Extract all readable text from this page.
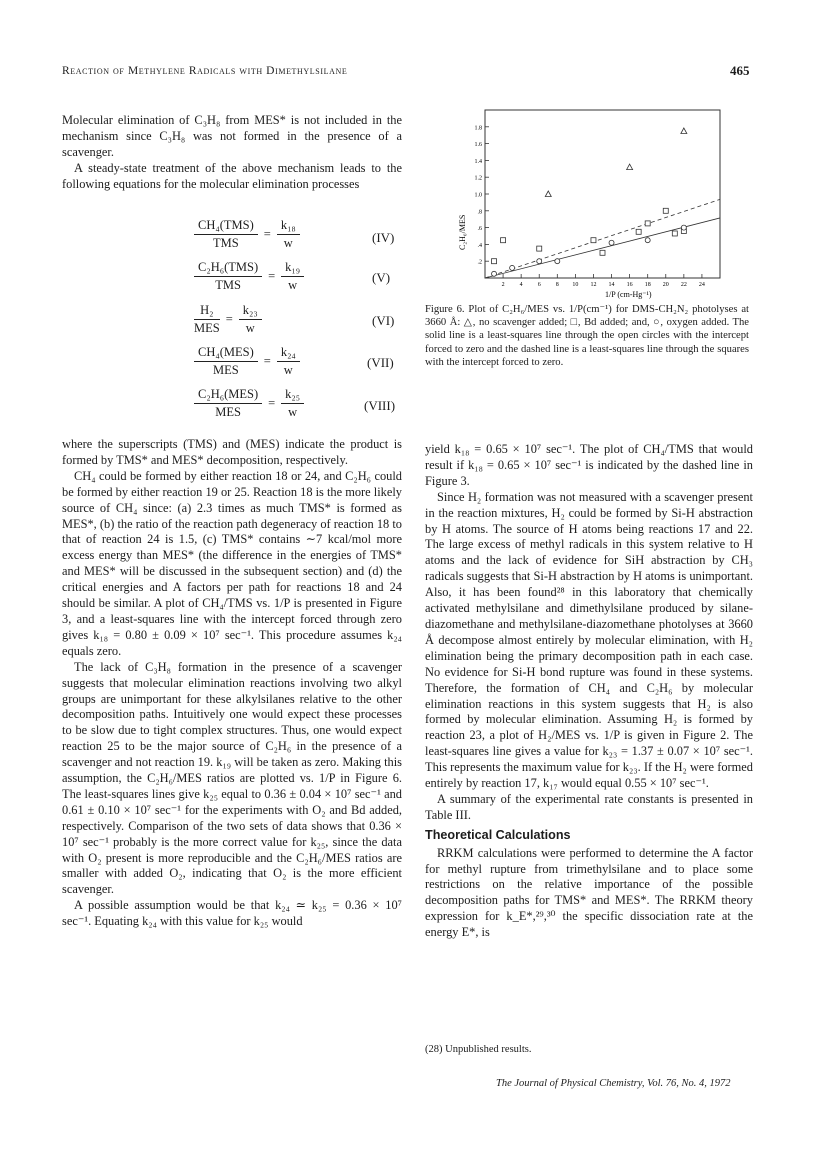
Reaction of Methylene Radicals with Dimethylsilane	465

Molecular elimination of C₃H₈ from MES* is not included in the mechanism since C₃H₈ was not formed in the presence of a scavenger.

A steady-state treatment of the above mechanism leads to the following equations for the molecular elimination processes

$\frac{\text{CH₄(TMS)}}{\text{TMS}} = \frac{\text{k₁₈}}{w}$	(IV)
$\frac{\text{C₂H₆(TMS)}}{\text{TMS}} = \frac{\text{k₁₉}}{w}$	(V)
$\frac{\text{H₂}}{\text{MES}} = \frac{\text{k₂₃}}{w}$	(VI)
$\frac{\text{CH₄(MES)}}{\text{MES}} = \frac{\text{k₂₄}}{w}$	(VII)
$\frac{\text{C₂H₆(MES)}}{\text{MES}} = \frac{\text{k₂₅}}{w}$	(VIII)

where the superscripts (TMS) and (MES) indicate the product is formed by TMS* and MES* decomposition, respectively.

CH₄ could be formed by either reaction 18 or 24, and C₂H₆ could be formed by either reaction 19 or 25. Reaction 18 is the more likely source of CH₄ since: (a) 2.3 times as much TMS* is formed as MES*, (b) the ratio of the reaction path degeneracy of reaction 18 to that of reaction 24 is 1.5, (c) TMS* contains ∼7 kcal/mol more excess energy than MES* (the difference in the energies of TMS* and MES* will be discussed in the subsequent section) and (d) the critical energies and A factors per path for reactions 18 and 24 should be similar. A plot of CH₄/TMS vs. 1/P is presented in Figure 3, and a least-squares line with the intercept forced through zero gives k₁₈ = 0.80 ± 0.09 × 10⁷ sec⁻¹. This procedure assumes k₂₄ equals zero.

The lack of C₃H₈ formation in the presence of a scavenger suggests that molecular elimination reactions involving two alkyl groups are unimportant for these alkylsilanes relative to the other decomposition paths. Intuitively one would expect these processes to be slow due to tight complex structures. Thus, one would expect reaction 25 to be the major source of C₂H₆ in the presence of a scavenger and not reaction 19. k₁₉ will be taken as zero. Making this assumption, the C₂H₆/MES ratios are plotted vs. 1/P in Figure 6. The least-squares lines give k₂₅ equal to 0.36 ± 0.04 × 10⁷ sec⁻¹ and 0.61 ± 0.10 × 10⁷ sec⁻¹ for the experiments with O₂ and Bd added, respectively. Comparison of the two sets of data shows that 0.36 × 10⁷ sec⁻¹ probably is the more correct value for k₂₅, since the data with O₂ present is more reproducible and the C₂H₆/MES ratios are smaller with added O₂, indicating that O₂ is the more efficient scavenger.

A possible assumption would be that k₂₄ ≃ k₂₅ = 0.36 × 10⁷ sec⁻¹. Equating k₂₄ with this value for k₂₅ would

C₂H₆/MES
1/P (cm-Hg⁻¹)
.2
.4
.6
.8
1.0
1.2
1.4
1.6
1.8
2	4	6	8 10 12 14 16 18 20 22 24
Figure 6. Plot of C₂H₆/MES vs. 1/P(cm⁻¹) for DMS-CH₂N₂ photolyses at 3660 Å: △, no scavenger added; □, Bd added; and, ○, oxygen added. The solid line is a least-squares line through the open circles with the intercept forced to zero and the dashed line is a least-squares line through the squares with the intercept forced to zero.

yield k₁₈ = 0.65 × 10⁷ sec⁻¹. The plot of CH₄/TMS that would result if k₁₈ = 0.65 × 10⁷ sec⁻¹ is indicated by the dashed line in Figure 3.

Since H₂ formation was not measured with a scavenger present in the reaction mixtures, H₂ could be formed by Si-H abstraction by H atoms. The source of H atoms being reactions 17 and 22. The large excess of methyl radicals in this system relative to H atoms and the lack of evidence for SiH abstraction by CH₃ radicals suggests that Si-H abstraction by H atoms is unimportant. Also, it has been found²⁸ in this laboratory that chemically activated methylsilane and dimethylsilane produced by silane-diazomethane and methylsilane-diazomethane photolyses at 3660 Å decompose almost entirely by molecular elimination, with H₂ elimination being the primary decomposition path in each case. No evidence for Si-H bond rupture was found in these systems. Therefore, the formation of CH₄ and C₂H₆ by molecular elimination reactions in this system suggests that H₂ is also formed by molecular elimination. Assuming H₂ is formed by reaction 23, a plot of H₂/MES vs. 1/P is given in Figure 2. The least-squares line gives a value for k₂₃ = 1.37 ± 0.07 × 10⁷ sec⁻¹. This represents the maximum value for k₂₃. If the H₂ were formed entirely by reaction 17, k₁₇ would equal 0.55 × 10⁷ sec⁻¹.

A summary of the experimental rate constants is presented in Table III.

Theoretical Calculations

RRKM calculations were performed to determine the A factor for methyl rupture from trimethylsilane and to place some restrictions on the relative importance of the possible decomposition paths for TMS* and MES*. The RRKM theory expression for k_E*,²⁹,³⁰ the specific dissociation rate at the energy E*, is

(28) Unpublished results.
The Journal of Physical Chemistry, Vol. 76, No. 4, 1972
